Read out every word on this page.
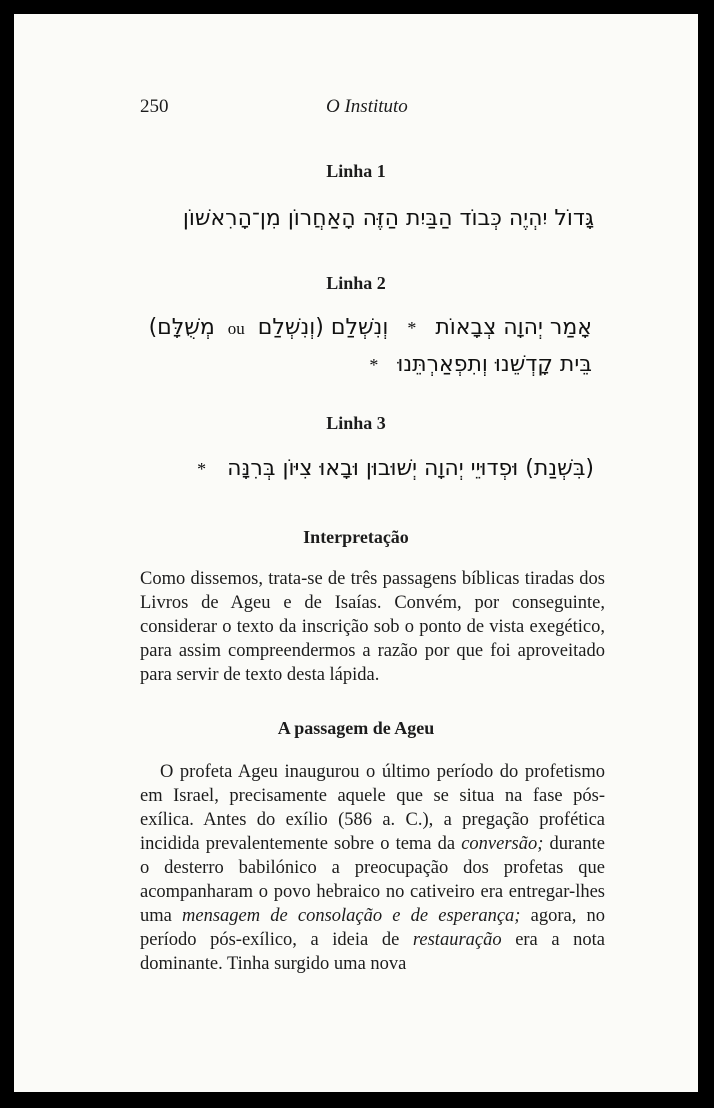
250	O Instituto
Linha 1
גָּדוֹל יִהְיֶה כְּבוֹד הַבַּיִת הַזֶּה הָאַחֲרוֹן מִן־הָרִאשׁוֹן
Linha 2
אָמַר יְהוָה צְבָאוֹת * וְנִשְׁלַם (וְנִשְׁלַם ou מְשֻׁלָּם)
בֵּית קָדְשֵׁנוּ וְתִפְאַרְתֵּנוּ *
Linha 3
(בִּשְׁנַת) וּפְדוּיֵי יְהוָה יְשׁוּבוּן וּבָאוּ צִיּוֹן בְּרִנָּה *
Interpretação

Como dissemos, trata-se de três passagens bíblicas tiradas dos Livros de Ageu e de Isaías. Convém, por conseguinte, considerar o texto da inscrição sob o ponto de vista exegético, para assim compreendermos a razão por que foi aproveitado para servir de texto desta lápida.

A passagem de Ageu

O profeta Ageu inaugurou o último período do profetismo em Israel, precisamente aquele que se situa na fase pós-exílica. Antes do exílio (586 a. C.), a pregação profética incidida prevalentemente sobre o tema da conversão; durante o desterro babilónico a preocupação dos profetas que acompanharam o povo hebraico no cativeiro era entregar-lhes uma mensagem de consolação e de esperança; agora, no período pós-exílico, a ideia de restauração era a nota dominante. Tinha surgido uma nova
